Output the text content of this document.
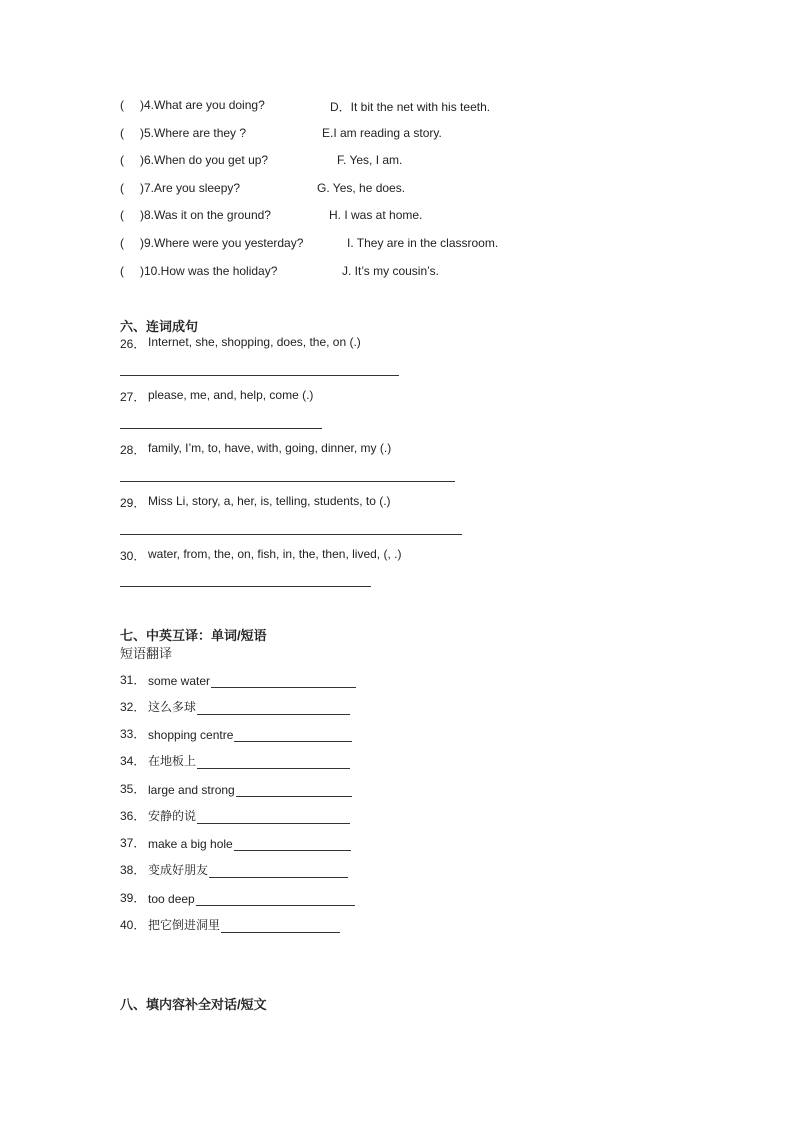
( )4.What are you doing?	D．It bit the net with his teeth.
( )5.Where are they ?	E.I am reading a story.
( )6.When do you get up?	F. Yes, I am.
( )7.Are you sleepy?	G. Yes, he does.
( )8.Was it on the ground?	H. I was at home.
( )9.Where were you yesterday?	I. They are in the classroom.
( )10.How was the holiday?	J. It’s my cousin’s.
六、连词成句
26． Internet, she, shopping, does, the, on (.)
27． please, me, and, help, come (.)
28． family, I’m, to, have, with, going, dinner, my (.)
29． Miss Li, story, a, her, is, telling, students, to (.)
30． water, from, the, on, fish, in, the, then, lived, (, .)
七、中英互译：单词/短语
短语翻译
31． some water
32． 这么多球
33． shopping centre
34． 在地板上
35． large and strong
36． 安静的说
37． make a big hole
38． 变成好朋友
39． too deep
40． 把它倒进洞里
八、填内容补全对话/短文
